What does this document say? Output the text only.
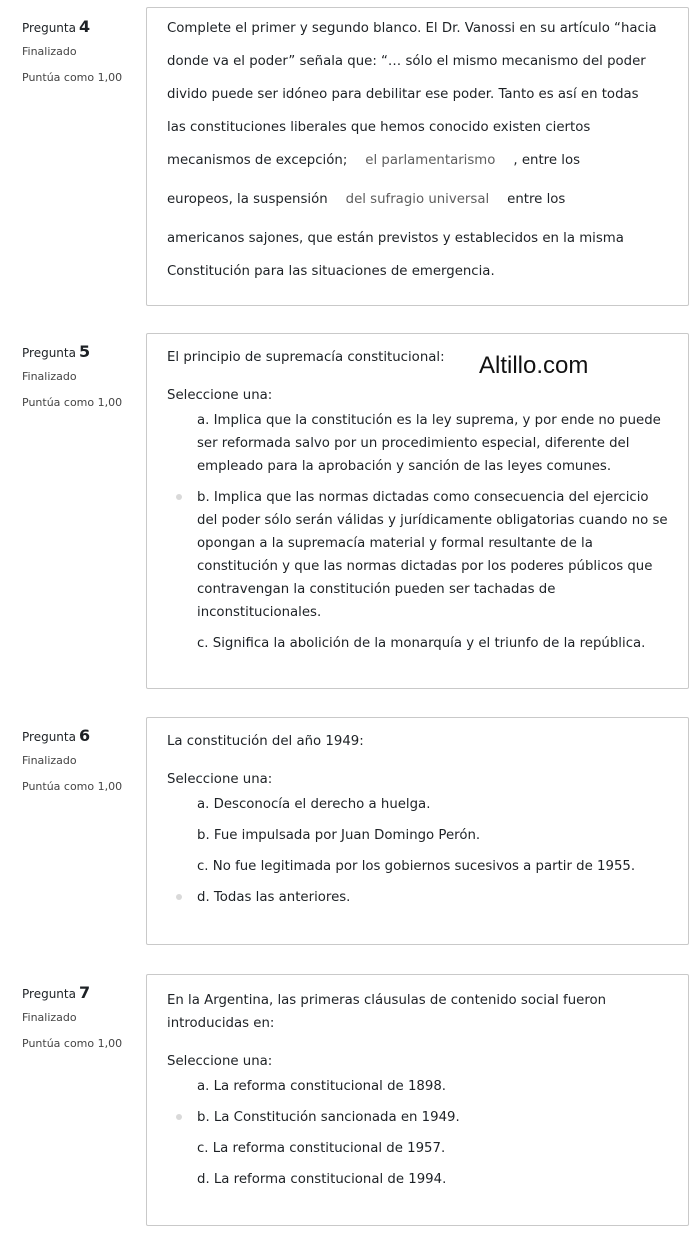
Pregunta 4
Finalizado
Puntúa como 1,00
Complete el primer y segundo blanco. El Dr. Vanossi en su artículo “hacia
donde va el poder” señala que: “… sólo el mismo mecanismo del poder
divido puede ser idóneo para debilitar ese poder. Tanto es así en todas
las constituciones liberales que hemos conocido existen ciertos
mecanismos de excepción; el parlamentarismo , entre los
europeos, la suspensión del sufragio universal entre los
americanos sajones, que están previstos y establecidos en la misma
Constitución para las situaciones de emergencia.
Pregunta 5
Finalizado
Puntúa como 1,00
El principio de supremacía constitucional:
Seleccione una:
a. Implica que la constitución es la ley suprema, y por ende no puede ser reformada salvo por un procedimiento especial, diferente del empleado para la aprobación y sanción de las leyes comunes.
b. Implica que las normas dictadas como consecuencia del ejercicio del poder sólo serán válidas y jurídicamente obligatorias cuando no se opongan a la supremacía material y formal resultante de la constitución y que las normas dictadas por los poderes públicos que contravengan la constitución pueden ser tachadas de inconstitucionales.
c. Significa la abolición de la monarquía y el triunfo de la república.
Pregunta 6
Finalizado
Puntúa como 1,00
La constitución del año 1949:
Seleccione una:
a. Desconocía el derecho a huelga.
b. Fue impulsada por Juan Domingo Perón.
c. No fue legitimada por los gobiernos sucesivos a partir de 1955.
d. Todas las anteriores.
Pregunta 7
Finalizado
Puntúa como 1,00
En la Argentina, las primeras cláusulas de contenido social fueron introducidas en:
Seleccione una:
a. La reforma constitucional de 1898.
b. La Constitución sancionada en 1949.
c. La reforma constitucional de 1957.
d. La reforma constitucional de 1994.
Altillo.com
